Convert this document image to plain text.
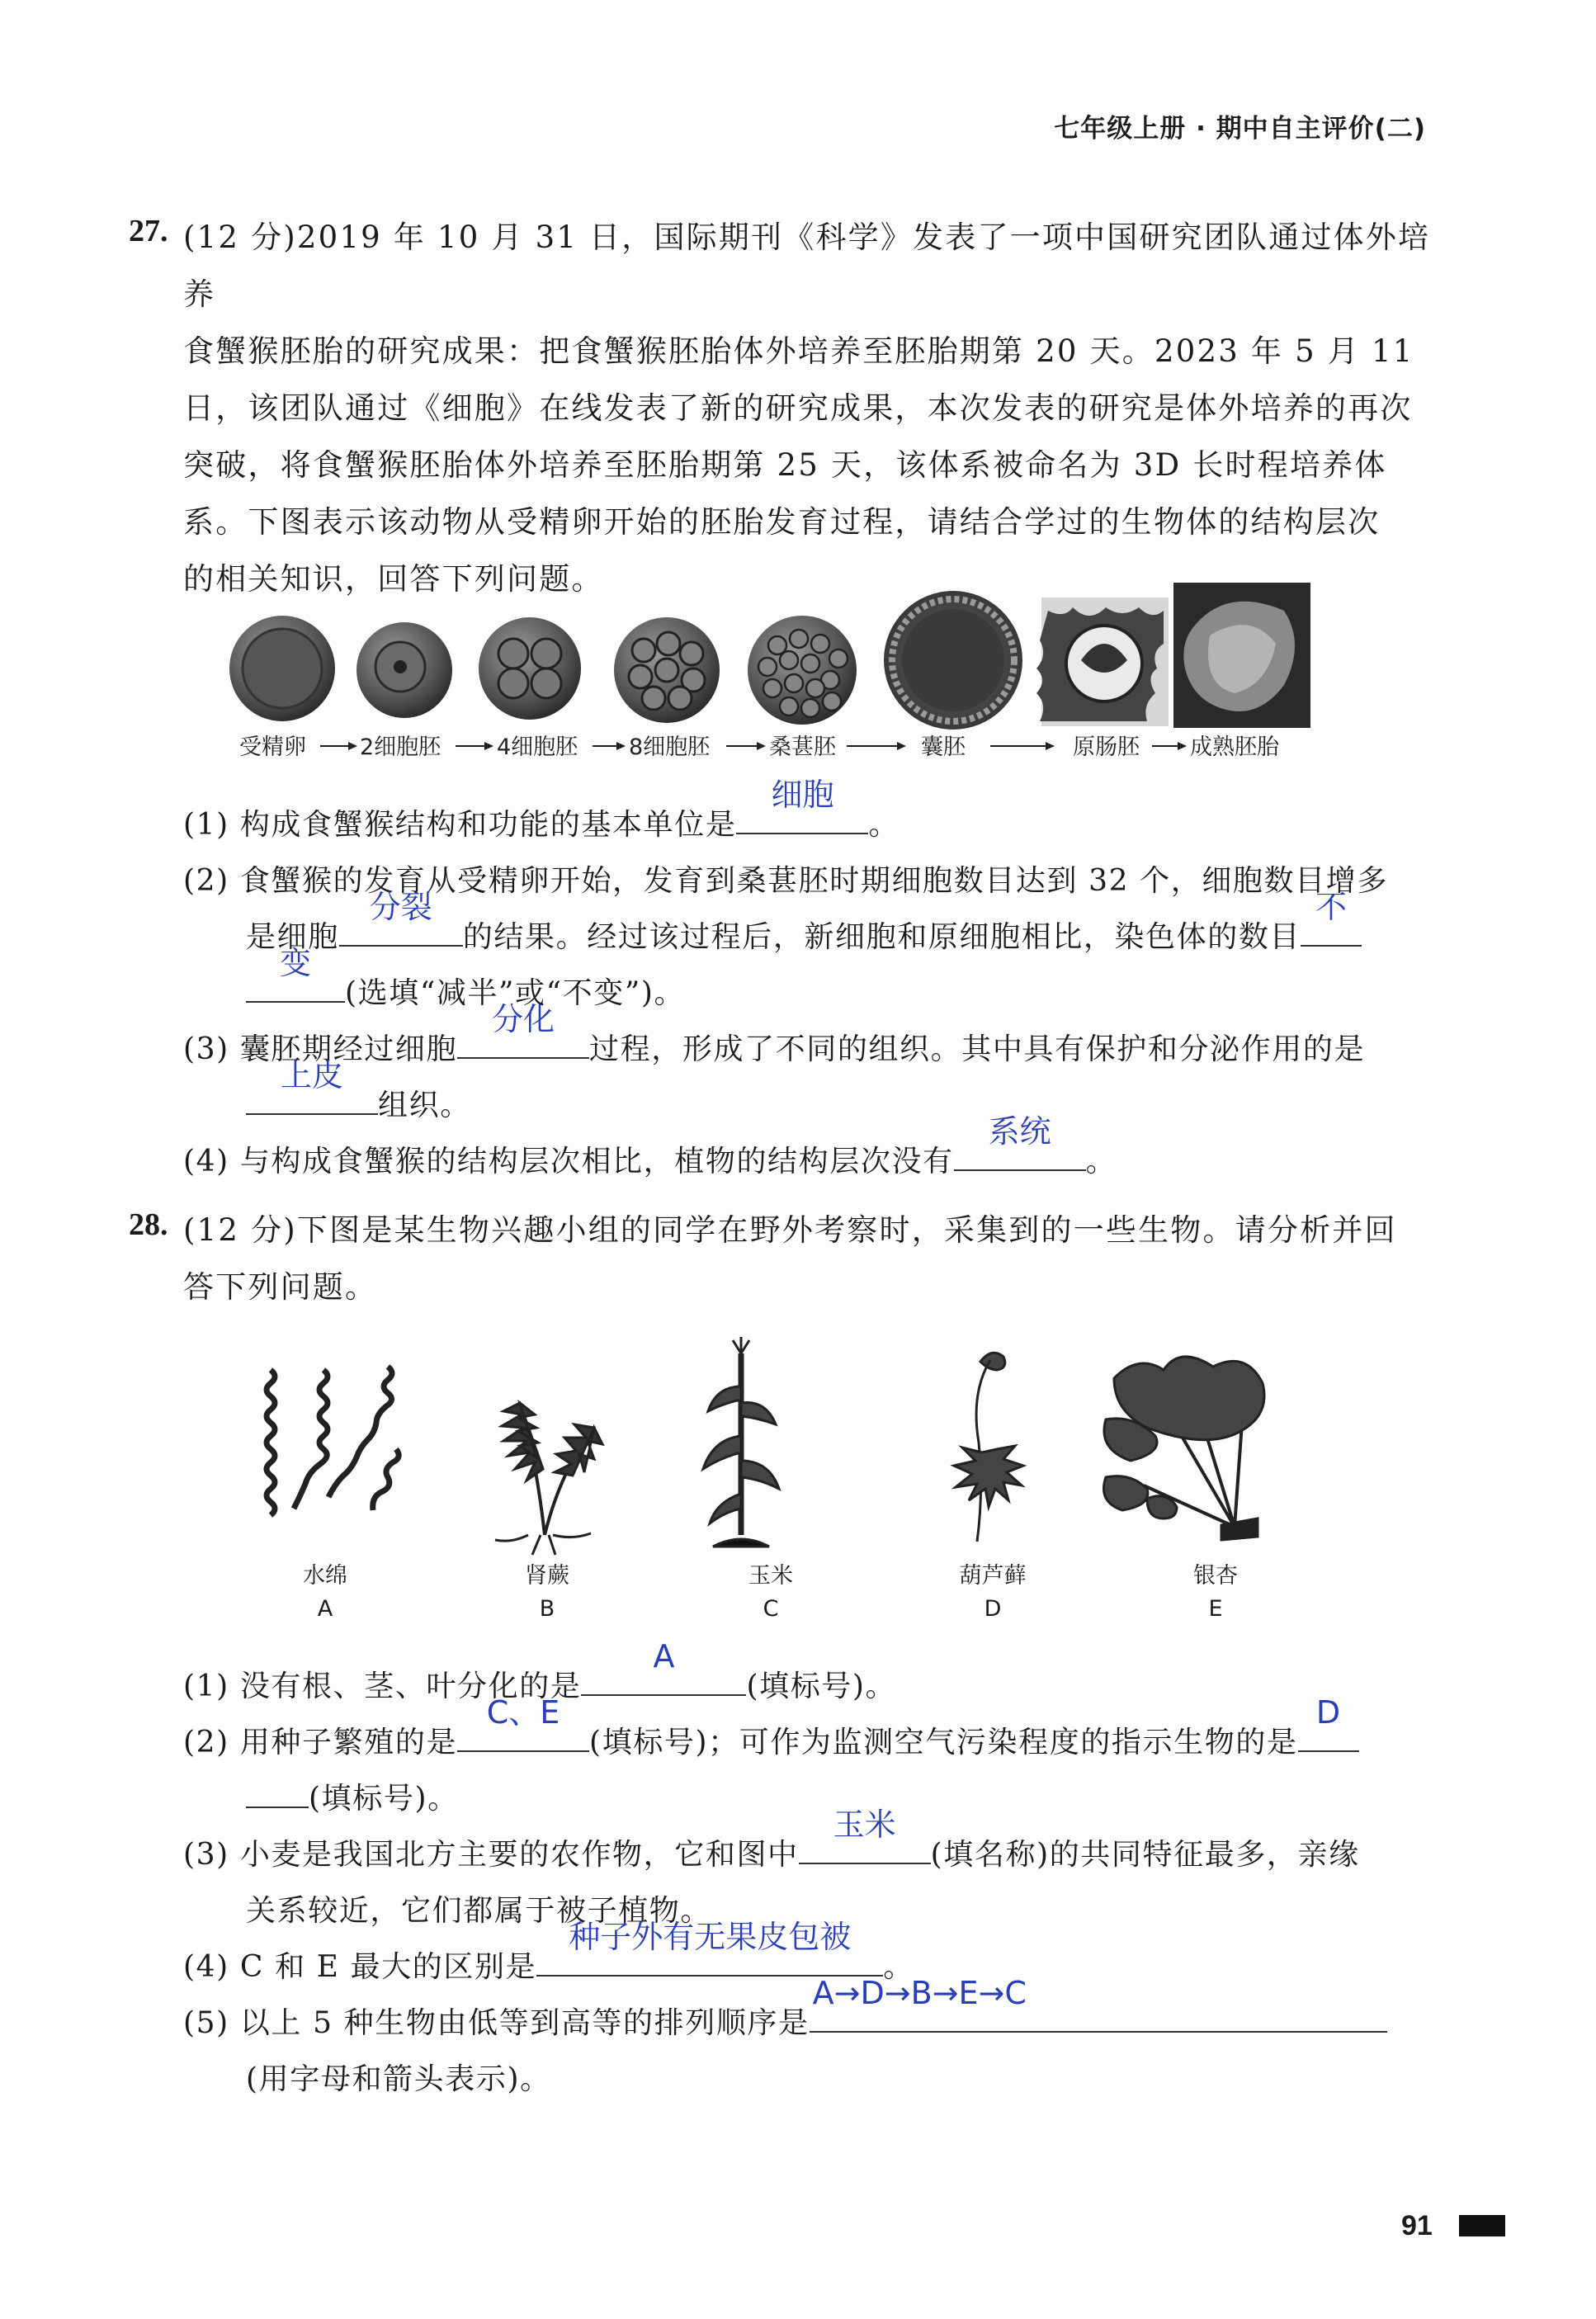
七年级上册 · 期中自主评价(二)
27. (12 分)2019 年 10 月 31 日，国际期刊《科学》发表了一项中国研究团队通过体外培养
食蟹猴胚胎的研究成果：把食蟹猴胚胎体外培养至胚胎期第 20 天。2023 年 5 月 11
日，该团队通过《细胞》在线发表了新的研究成果，本次发表的研究是体外培养的再次
突破，将食蟹猴胚胎体外培养至胚胎期第 25 天，该体系被命名为 3D 长时程培养体
系。下图表示该动物从受精卵开始的胚胎发育过程，请结合学过的生物体的结构层次
的相关知识，回答下列问题。
受精卵 2细胞胚	4细胞胚 8细胞胚	桑葚胚	囊胚	原肠胚 成熟胚胎
(1) 构成食蟹猴结构和功能的基本单位是
细胞
。
(2) 食蟹猴的发育从受精卵开始，发育到桑葚胚时期细胞数目达到 32 个，细胞数目增多
是细胞
分裂
的结果。经过该过程后，新细胞和原细胞相比，染色体的数目
不
变
(选填“减半”或“不变”)。
(3) 囊胚期经过细胞
分化
过程，形成了不同的组织。其中具有保护和分泌作用的是
上皮
组织。
(4) 与构成食蟹猴的结构层次相比，植物的结构层次没有
系统
。
28. (12 分)下图是某生物兴趣小组的同学在野外考察时，采集到的一些生物。请分析并回
答下列问题。
水绵
A
肾蕨
B
玉米
C
葫芦藓
D
银杏
E
(1) 没有根、茎、叶分化的是
A
(填标号)。
(2) 用种子繁殖的是
C、E
(填标号)；可作为监测空气污染程度的指示生物的是
D
(填标号)。
(3) 小麦是我国北方主要的农作物，它和图中
玉米
(填名称)的共同特征最多，亲缘
关系较近，它们都属于被子植物。
(4) C 和 E 最大的区别是
种子外有无果皮包被
。
(5) 以上 5 种生物由低等到高等的排列顺序是
A→D→B→E→C
(用字母和箭头表示)。
91
